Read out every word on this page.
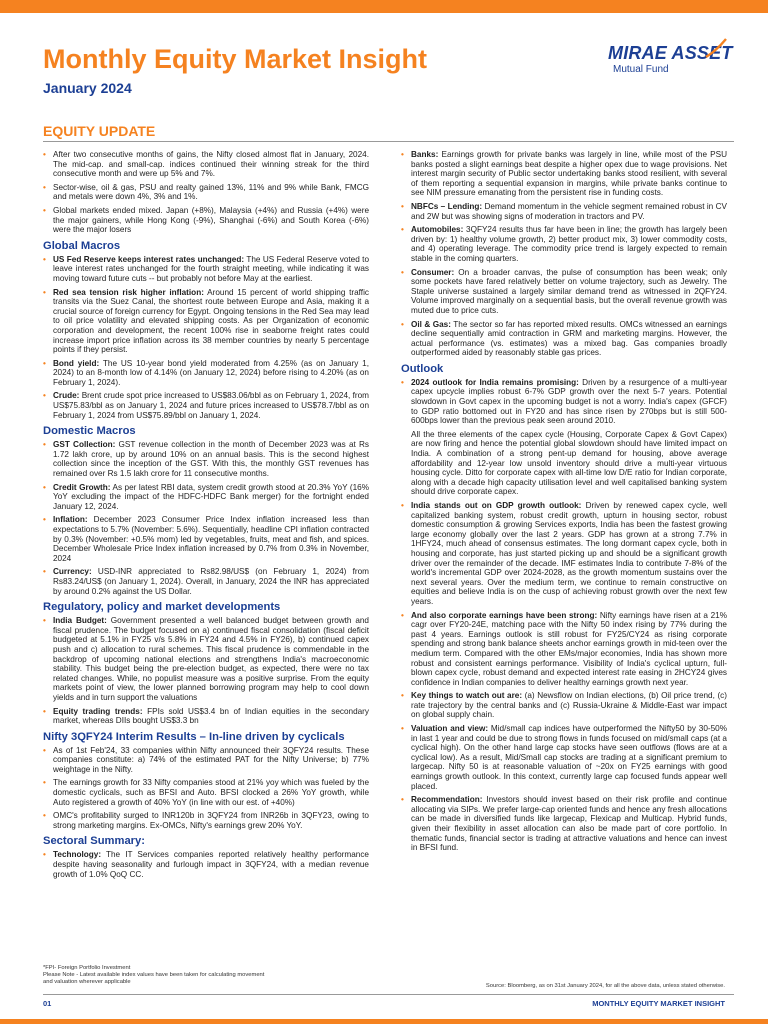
Monthly Equity Market Insight
January 2024
MIRAE ASSET
Mutual Fund
EQUITY UPDATE
• After two consecutive months of gains, the Nifty closed almost flat in January, 2024. The mid-cap. and small-cap. indices continued their winning streak for the third consecutive month and were up 5% and 7%.
• Sector-wise, oil & gas, PSU and realty gained 13%, 11% and 9% while Bank, FMCG and metals were down 4%, 3% and 1%.
• Global markets ended mixed. Japan (+8%), Malaysia (+4%) and Russia (+4%) were the major gainers, while Hong Kong (-9%), Shanghai (-6%) and South Korea (-6%) were the major losers
Global Macros
• US Fed Reserve keeps interest rates unchanged: The US Federal Reserve voted to leave interest rates unchanged for the fourth straight meeting, while indicating it was moving toward future cuts -- but probably not before May at the earliest.
• Red sea tension risk higher inflation: Around 15 percent of world shipping traffic transits via the Suez Canal, the shortest route between Europe and Asia, making it a crucial source of foreign currency for Egypt. Ongoing tensions in the Red Sea may lead to oil price volatility and elevated shipping costs. As per Organization of economic corporation and development, the recent 100% rise in seaborne freight rates could increase import price inflation across its 38 member countries by nearly 5 percentage points if they persist.
• Bond yield: The US 10-year bond yield moderated from 4.25% (as on January 1, 2024) to an 8-month low of 4.14% (on January 12, 2024) before rising to 4.20% (as on February 1, 2024).
• Crude: Brent crude spot price increased to US$83.06/bbl as on February 1, 2024, from US$75.83/bbl as on January 1, 2024 and future prices increased to US$78.7/bbl as on February 1, 2024 from US$75.89/bbl on January 1, 2024.
Domestic Macros
• GST Collection: GST revenue collection in the month of December 2023 was at Rs 1.72 lakh crore, up by around 10% on an annual basis. This is the second highest collection since the inception of the GST. With this, the monthly GST revenues has remained over Rs 1.5 lakh crore for 11 consecutive months.
• Credit Growth: As per latest RBI data, system credit growth stood at 20.3% YoY (16% YoY excluding the impact of the HDFC-HDFC Bank merger) for the fortnight ended January 12, 2024.
• Inflation: December 2023 Consumer Price Index inflation increased less than expectations to 5.7% (November: 5.6%). Sequentially, headline CPI inflation contracted by 0.3% (November: +0.5% mom) led by vegetables, fruits, meat and fish, and spices. December Wholesale Price Index inflation increased by 0.7% from 0.3% in November, 2024
• Currency: USD-INR appreciated to Rs82.98/US$ (on February 1, 2024) from Rs83.24/US$ (on January 1, 2024). Overall, in January, 2024 the INR has appreciated by around 0.2% against the US Dollar.
Regulatory, policy and market developments
• India Budget: Government presented a well balanced budget between growth and fiscal prudence. The budget focused on a) continued fiscal consolidation (fiscal deficit budgeted at 5.1% in FY25 v/s 5.8% in FY24 and 4.5% in FY26), b) continued capex push and c) allocation to rural schemes. This fiscal prudence is commendable in the backdrop of upcoming national elections and strengthens India's macroeconomic stability. This budget being the pre-election budget, as expected, there were no tax related changes. While, no populist measure was a positive surprise. From the equity markets point of view, the lower planned borrowing program may help to cool down yields and in turn support the valuations
• Equity trading trends: FPIs sold US$3.4 bn of Indian equities in the secondary market, whereas DIIs bought US$3.3 bn
Nifty 3QFY24 Interim Results – In-line driven by cyclicals
• As of 1st Feb'24, 33 companies within Nifty announced their 3QFY24 results. These companies constitute: a) 74% of the estimated PAT for the Nifty Universe; b) 77% weightage in the Nifty.
• The earnings growth for 33 Nifty companies stood at 21% yoy which was fueled by the domestic cyclicals, such as BFSI and Auto. BFSI clocked a 26% YoY growth, while Auto registered a growth of 40% YoY (in line with our est. of +40%)
• OMC's profitability surged to INR120b in 3QFY24 from INR26b in 3QFY23, owing to strong marketing margins. Ex-OMCs, Nifty's earnings grew 20% YoY.
Sectoral Summary:
• Technology: The IT Services companies reported relatively healthy performance despite having seasonality and furlough impact in 3QFY24, with a median revenue growth of 1.0% QoQ CC.
• Banks: Earnings growth for private banks was largely in line, while most of the PSU banks posted a slight earnings beat despite a higher opex due to wage provisions. Net interest margin security of Public sector undertaking banks stood resilient, with several of them reporting a sequential expansion in margins, while private banks continue to see NIM pressure emanating from the persistent rise in funding costs.
• NBFCs – Lending: Demand momentum in the vehicle segment remained robust in CV and 2W but was showing signs of moderation in tractors and PV.
• Automobiles: 3QFY24 results thus far have been in line; the growth has largely been driven by: 1) healthy volume growth, 2) better product mix, 3) lower commodity costs, and 4) operating leverage. The commodity price trend is largely expected to remain stable in the coming quarters.
• Consumer: On a broader canvas, the pulse of consumption has been weak; only some pockets have fared relatively better on volume trajectory, such as Jewelry. The Staple universe sustained a largely similar demand trend as witnessed in 2QFY24. Volume improved marginally on a sequential basis, but the overall revenue growth was muted due to price cuts.
• Oil & Gas: The sector so far has reported mixed results. OMCs witnessed an earnings decline sequentially amid contraction in GRM and marketing margins. However, the actual performance (vs. estimates) was a mixed bag. Gas companies broadly outperformed aided by reasonably stable gas prices.
Outlook
• 2024 outlook for India remains promising: Driven by a resurgence of a multi-year capex upcycle implies robust 6-7% GDP growth over the next 5-7 years. Potential slowdown in Govt capex in the upcoming budget is not a worry. India's capex (GFCF) to GDP ratio bottomed out in FY20 and has since risen by 270bps but is still 500-600bps lower than the previous peak seen around 2010.

All the three elements of the capex cycle (Housing, Corporate Capex & Govt Capex) are now firing and hence the potential global slowdown should have limited impact on India. A combination of a strong pent-up demand for housing, above average affordability and 12-year low unsold inventory should drive a multi-year virtuous housing cycle. Ditto for corporate capex with all-time low D/E ratio for Indian corporate, along with a decade high capacity utilisation level and well capitalised banking system should drive corporate capex.

• India stands out on GDP growth outlook: Driven by renewed capex cycle, well capitalized banking system, robust credit growth, upturn in housing sector, robust domestic consumption & growing Services exports, India has been the fastest growing large economy globally over the last 2 years. GDP has grown at a strong 7.7% in 1HFY24, much ahead of consensus estimates. The long dormant capex cycle, both in housing and corporate, has just started picking up and should be a significant growth driver over the remainder of the decade. IMF estimates India to contribute 7-8% of the world's incremental GDP over 2024-2028, as the growth momentum sustains over the next several years. Over the medium term, we continue to remain constructive on equities and believe India is on the cusp of achieving robust growth over the next few years.
• And also corporate earnings have been strong: Nifty earnings have risen at a 21% cagr over FY20-24E, matching pace with the Nifty 50 index rising by 77% during the past 4 years. Earnings outlook is still robust for FY25/CY24 as rising corporate spending and strong bank balance sheets anchor earnings growth in mid-teen over the medium term. Compared with the other EMs/major economies, India has shown more robust and consistent earnings performance. Visibility of India's cyclical upturn, full-blown capex cycle, robust demand and expected interest rate easing in 2HCY24 gives confidence in Indian companies to deliver healthy earnings growth next year.
• Key things to watch out are: (a) Newsflow on Indian elections, (b) Oil price trend, (c) rate trajectory by the central banks and (c) Russia-Ukraine & Middle-East war impact on global supply chain.
• Valuation and view: Mid/small cap indices have outperformed the Nifty50 by 30-50% in last 1 year and could be due to strong flows in funds focused on mid/small caps (at a cyclical high). On the other hand large cap stocks have seen outflows (flows are at a cyclical low). As a result, Mid/Small cap stocks are trading at a significant premium to largecap. Nifty 50 is at reasonable valuation of ~20x on FY25 earnings with good earnings growth outlook. In this context, currently large cap focused funds appear well placed.
• Recommendation: Investors should invest based on their risk profile and continue allocating via SIPs. We prefer large-cap oriented funds and hence any fresh allocations can be made in diversified funds like largecap, Flexicap and Multicap. Hybrid funds, given their flexibility in asset allocation can also be made part of core portfolio. In thematic funds, financial sector is trading at attractive valuations and hence can invest in BFSI fund.
*FPI- Foreign Portfolio Investment
Please Note - Latest available index values have been taken for calculating movement
and valuation wherever applicable
Source: Bloomberg, as on 31st January 2024, for all the above data, unless stated otherwise.
01	MONTHLY EQUITY MARKET INSIGHT
